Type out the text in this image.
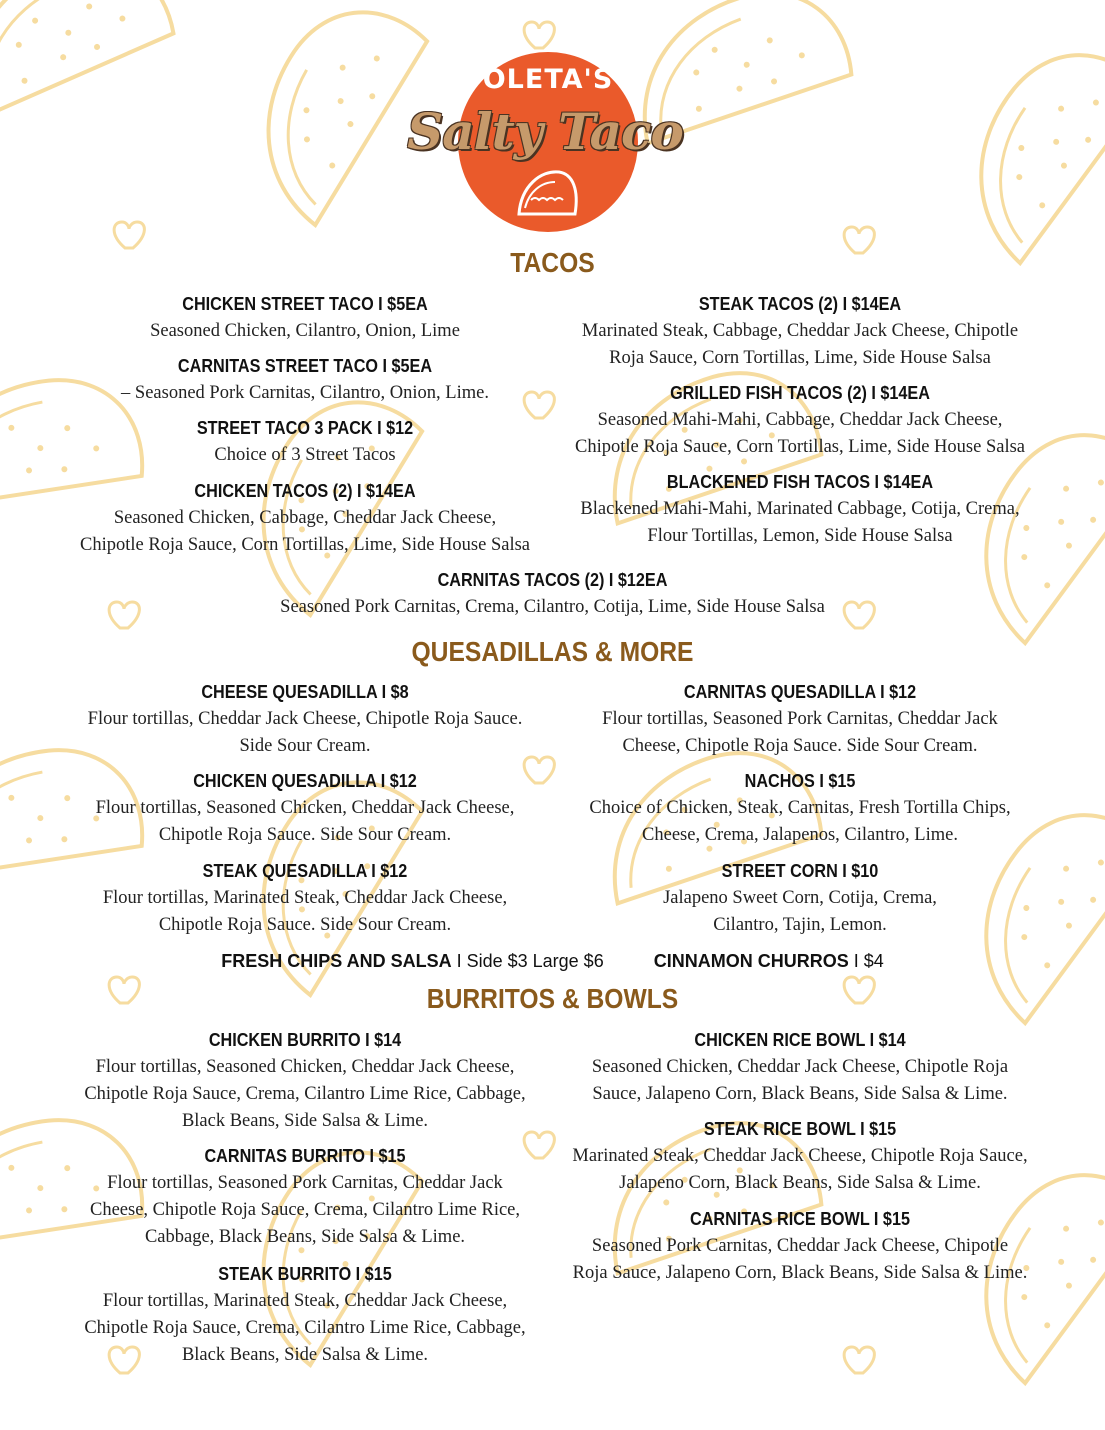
OLETA'S
Salty Taco
TACOS
CHICKEN STREET TACO I $5EA
Seasoned Chicken, Cilantro, Onion, Lime
CARNITAS STREET TACO I $5EA
– Seasoned Pork Carnitas, Cilantro, Onion, Lime.
STREET TACO 3 PACK I $12
Choice of 3 Street Tacos
CHICKEN TACOS (2) I $14EA
Seasoned Chicken, Cabbage, Cheddar Jack Cheese,
Chipotle Roja Sauce, Corn Tortillas, Lime, Side House Salsa
STEAK TACOS (2) I $14EA
Marinated Steak, Cabbage, Cheddar Jack Cheese, Chipotle
Roja Sauce, Corn Tortillas, Lime, Side House Salsa
GRILLED FISH TACOS (2) I $14EA
Seasoned Mahi-Mahi, Cabbage, Cheddar Jack Cheese,
Chipotle Roja Sauce, Corn Tortillas, Lime, Side House Salsa
BLACKENED FISH TACOS I $14EA
Blackened Mahi-Mahi, Marinated Cabbage, Cotija, Crema,
Flour Tortillas, Lemon, Side House Salsa
CARNITAS TACOS (2) I $12EA
Seasoned Pork Carnitas, Crema, Cilantro, Cotija, Lime, Side House Salsa
QUESADILLAS & MORE
CHEESE QUESADILLA I $8
Flour tortillas, Cheddar Jack Cheese, Chipotle Roja Sauce.
Side Sour Cream.
CHICKEN QUESADILLA I $12
Flour tortillas, Seasoned Chicken, Cheddar Jack Cheese,
Chipotle Roja Sauce. Side Sour Cream.
STEAK QUESADILLA I $12
Flour tortillas, Marinated Steak, Cheddar Jack Cheese,
Chipotle Roja Sauce. Side Sour Cream.
CARNITAS QUESADILLA I $12
Flour tortillas, Seasoned Pork Carnitas, Cheddar Jack
Cheese, Chipotle Roja Sauce. Side Sour Cream.
NACHOS I $15
Choice of Chicken, Steak, Carnitas, Fresh Tortilla Chips,
Cheese, Crema, Jalapenos, Cilantro, Lime.
STREET CORN I $10
Jalapeno Sweet Corn, Cotija, Crema,
Cilantro, Tajin, Lemon.
FRESH CHIPS AND SALSA I Side $3 Large $6	CINNAMON CHURROS I $4
BURRITOS & BOWLS
CHICKEN BURRITO I $14
Flour tortillas, Seasoned Chicken, Cheddar Jack Cheese,
Chipotle Roja Sauce, Crema, Cilantro Lime Rice, Cabbage,
Black Beans, Side Salsa & Lime.
CARNITAS BURRITO I $15
Flour tortillas, Seasoned Pork Carnitas, Cheddar Jack
Cheese, Chipotle Roja Sauce, Crema, Cilantro Lime Rice,
Cabbage, Black Beans, Side Salsa & Lime.
STEAK BURRITO I $15
Flour tortillas, Marinated Steak, Cheddar Jack Cheese,
Chipotle Roja Sauce, Crema, Cilantro Lime Rice, Cabbage,
Black Beans, Side Salsa & Lime.
CHICKEN RICE BOWL I $14
Seasoned Chicken, Cheddar Jack Cheese, Chipotle Roja
Sauce, Jalapeno Corn, Black Beans, Side Salsa & Lime.
STEAK RICE BOWL I $15
Marinated Steak, Cheddar Jack Cheese, Chipotle Roja Sauce,
Jalapeno Corn, Black Beans, Side Salsa & Lime.
CARNITAS RICE BOWL I $15
Seasoned Pork Carnitas, Cheddar Jack Cheese, Chipotle
Roja Sauce, Jalapeno Corn, Black Beans, Side Salsa & Lime.
